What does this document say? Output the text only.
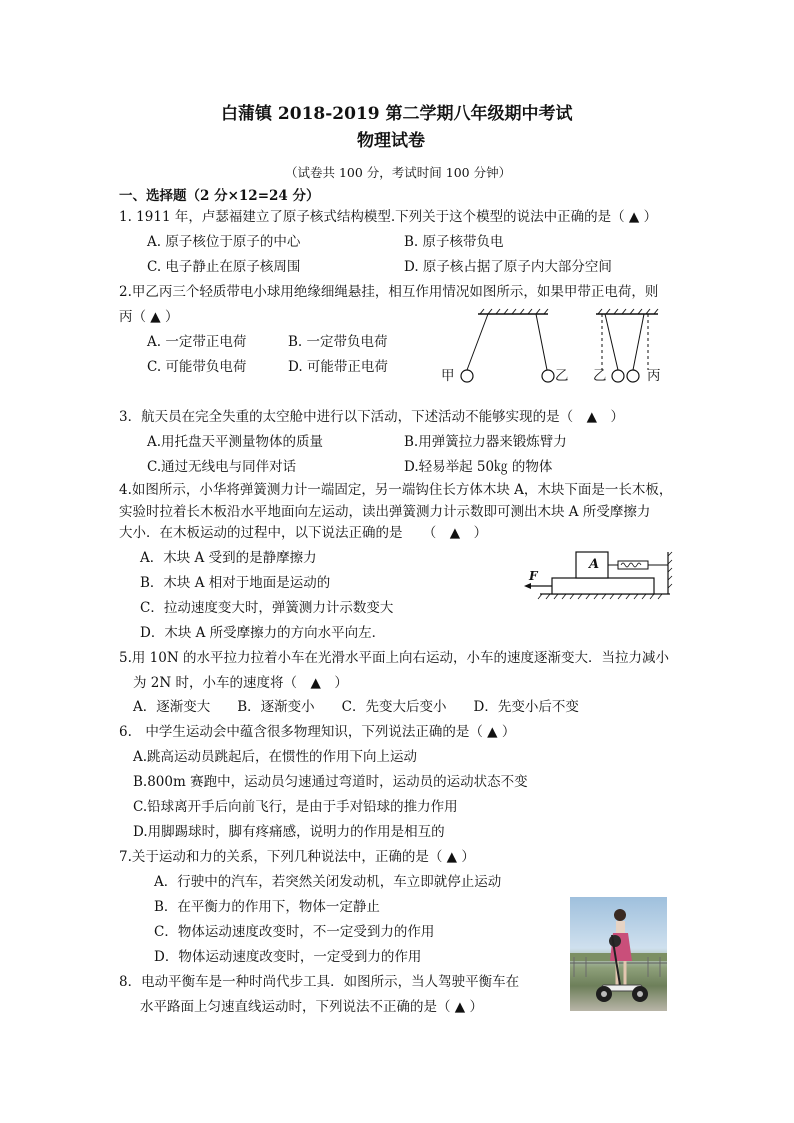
白蒲镇 2018-2019 第二学期八年级期中考试
物理试卷
（试卷共 100 分，考试时间 100 分钟）
一、选择题（2 分×12=24 分）
1. 1911 年，卢瑟福建立了原子核式结构模型.下列关于这个模型的说法中正确的是（ ▲ ）
A. 原子核位于原子的中心	B. 原子核带负电
C. 电子静止在原子核周围	D. 原子核占据了原子内大部分空间
2.甲乙丙三个轻质带电小球用绝缘细绳悬挂，相互作用情况如图所示，如果甲带正电荷，则
丙（ ▲ ）
A. 一定带正电荷	B. 一定带负电荷
C. 可能带负电荷	D. 可能带正电荷
甲	乙 乙	丙
3．航天员在完全失重的太空舱中进行以下活动，下述活动不能够实现的是（　▲　）
A.用托盘天平测量物体的质量	B.用弹簧拉力器来锻炼臂力
C.通过无线电与同伴对话	D.轻易举起 50㎏ 的物体
4.如图所示，小华将弹簧测力计一端固定，另一端钩住长方体木块 A，木块下面是一长木板，
实验时拉着长木板沿水平地面向左运动，读出弹簧测力计示数即可测出木块 A 所受摩擦力
大小．在木板运动的过程中，以下说法正确的是　　（　▲　）
A．木块 A 受到的是静摩擦力
B．木块 A 相对于地面是运动的
C．拉动速度变大时，弹簧测力计示数变大
D．木块 A 所受摩擦力的方向水平向左．
A
F
5.用 10N 的水平拉力拉着小车在光滑水平面上向右运动，小车的速度逐渐变大．当拉力减小
为 2N 时，小车的速度将（　▲　）
A．逐渐变大　　B．逐渐变小　　C．先变大后变小　　D．先变小后不变
6.　中学生运动会中蕴含很多物理知识，下列说法正确的是（ ▲ ）
A.跳高运动员跳起后，在惯性的作用下向上运动
B.800m 赛跑中，运动员匀速通过弯道时，运动员的运动状态不变
C.铅球离开手后向前飞行，是由于手对铅球的推力作用
D.用脚踢球时，脚有疼痛感，说明力的作用是相互的
7.关于运动和力的关系，下列几种说法中，正确的是（ ▲ ）
A．行驶中的汽车，若突然关闭发动机，车立即就停止运动
B．在平衡力的作用下，物体一定静止
C．物体运动速度改变时，不一定受到力的作用
D．物体运动速度改变时，一定受到力的作用
8．电动平衡车是一种时尚代步工具．如图所示，当人驾驶平衡车在
水平路面上匀速直线运动时，下列说法不正确的是（ ▲ ）
